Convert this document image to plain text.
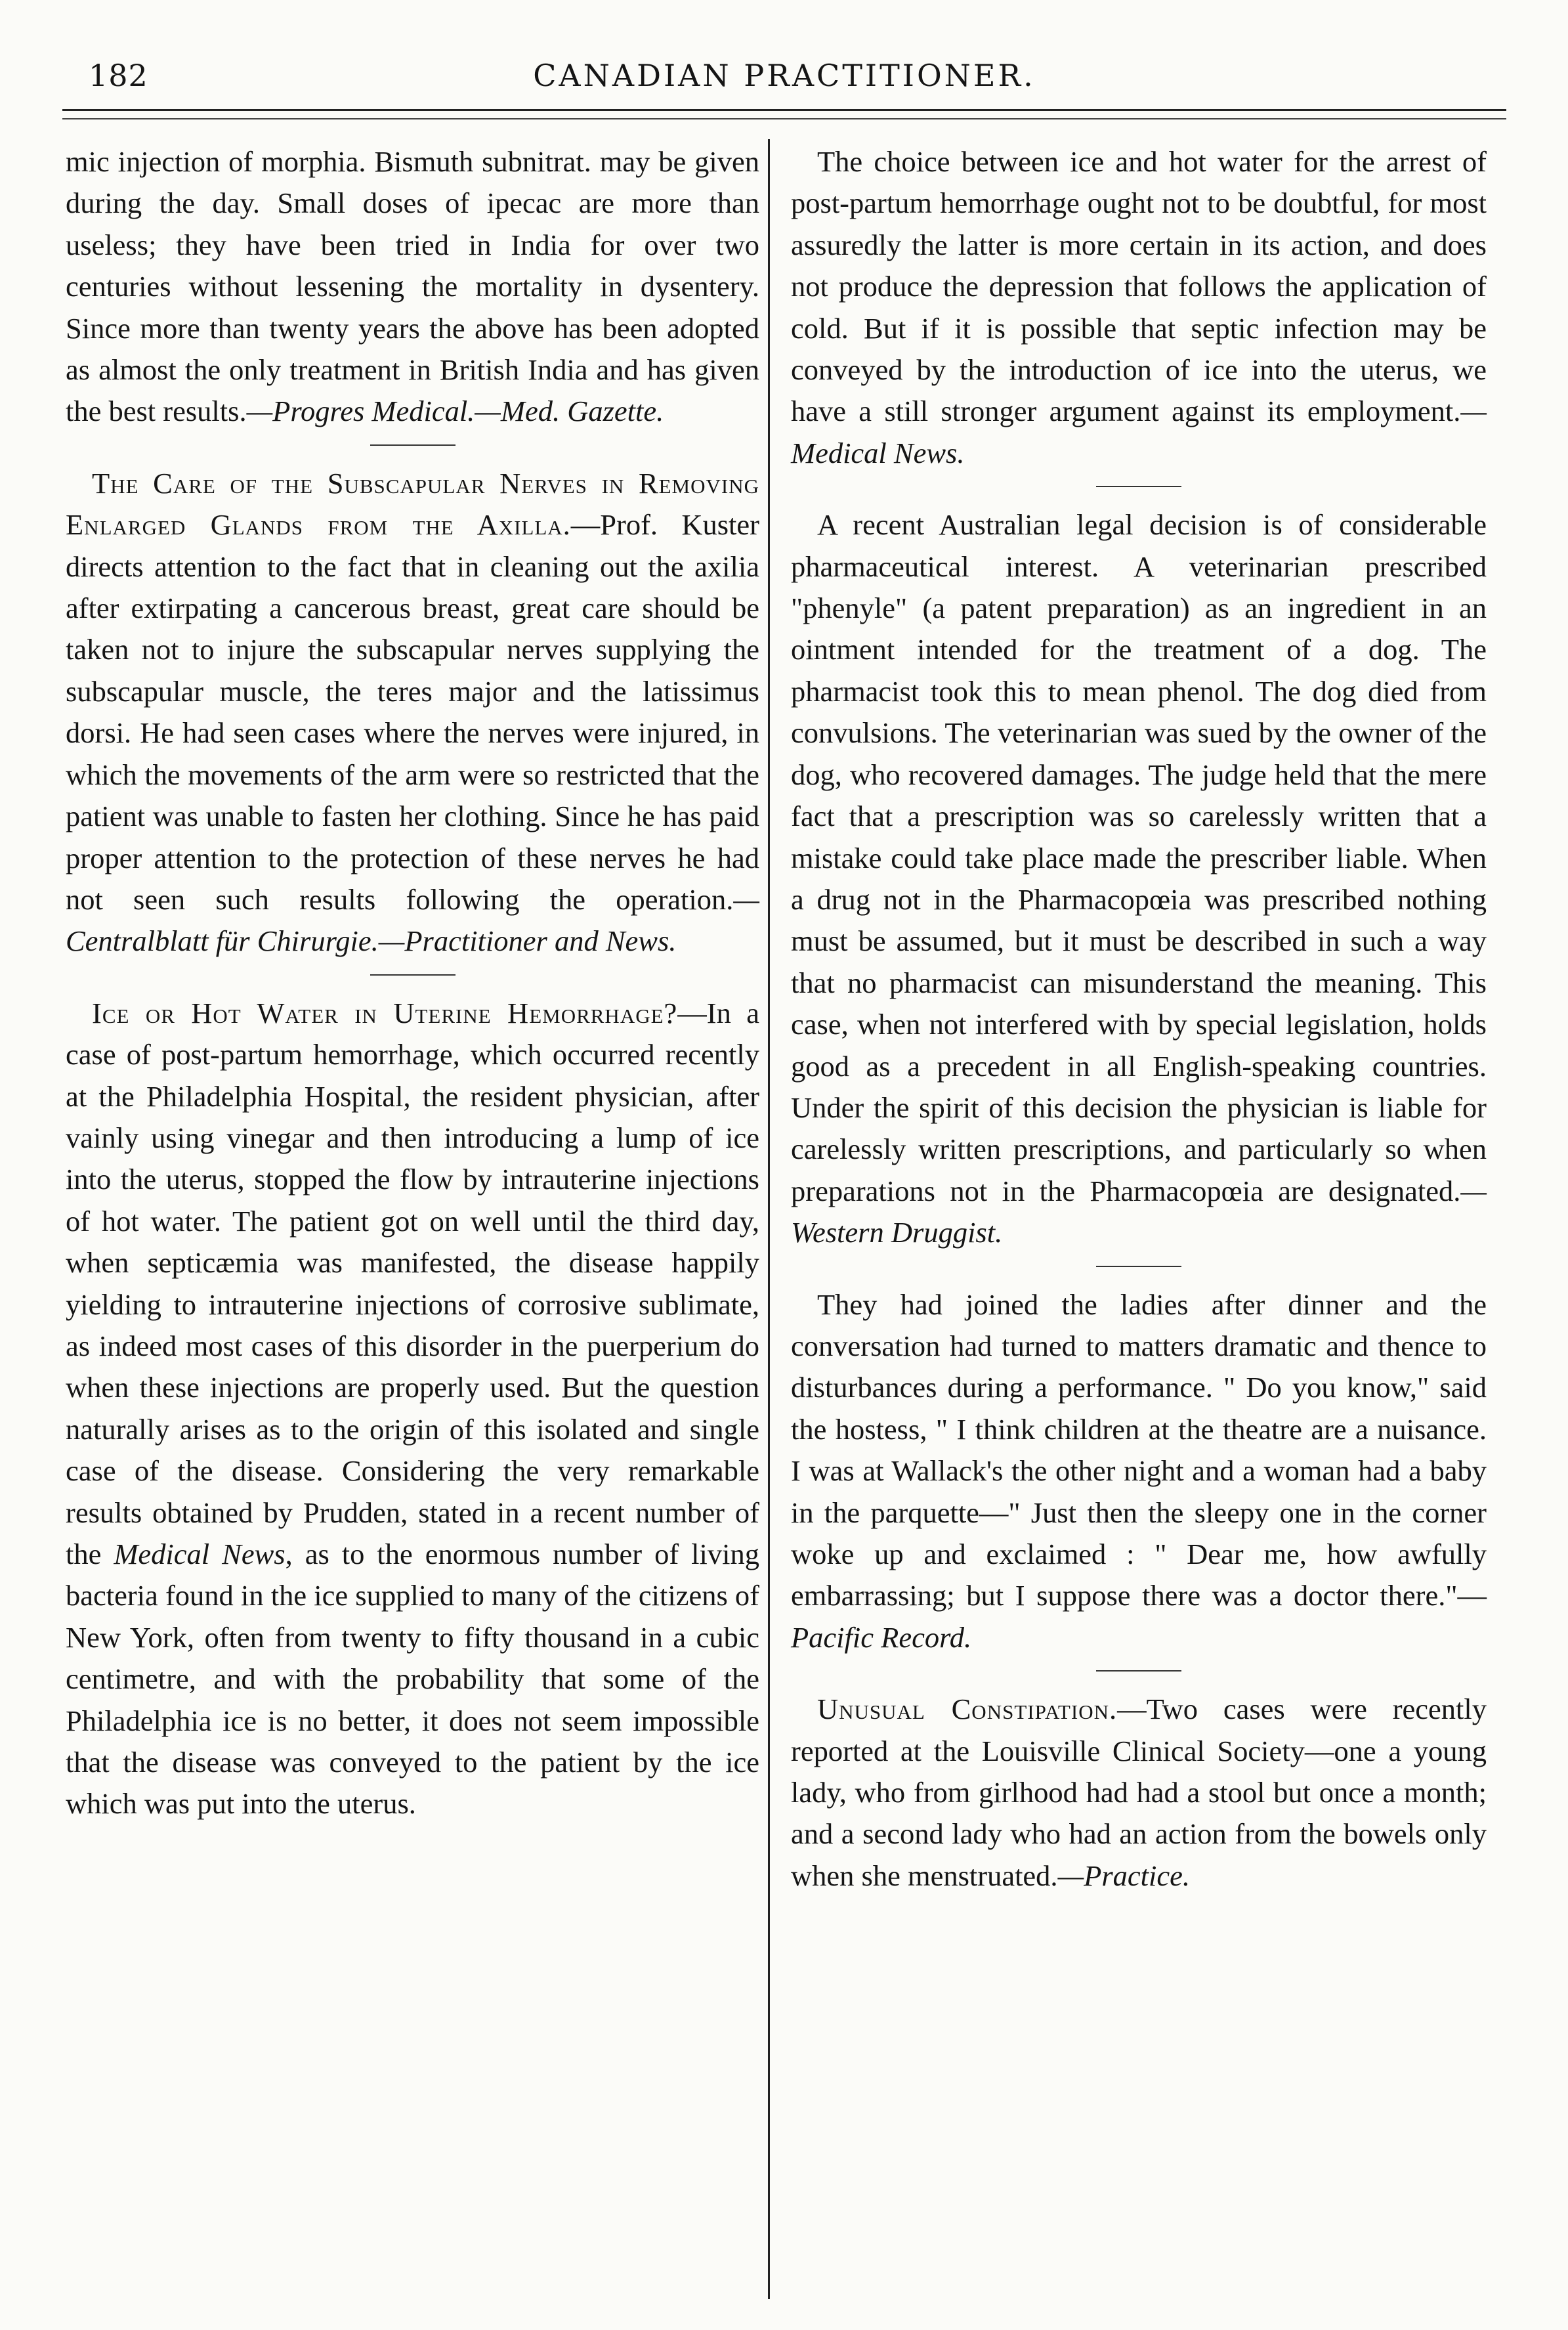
182	CANADIAN PRACTITIONER.

mic injection of morphia. Bismuth subnitrat. may be given during the day. Small doses of ipecac are more than useless; they have been tried in India for over two centuries without lessening the mortality in dysentery. Since more than twenty years the above has been adopted as almost the only treatment in British India and has given the best results.—Progres Medical.—Med. Gazette.

The Care of the Subscapular Nerves in Removing Enlarged Glands from the Axilla.—Prof. Kuster directs attention to the fact that in cleaning out the axilia after extirpating a cancerous breast, great care should be taken not to injure the subscapular nerves supplying the subscapular muscle, the teres major and the latissimus dorsi. He had seen cases where the nerves were injured, in which the movements of the arm were so restricted that the patient was unable to fasten her clothing. Since he has paid proper attention to the protection of these nerves he had not seen such results following the operation.—Centralblatt für Chirurgie.—Practitioner and News.

Ice or Hot Water in Uterine Hemorrhage?—In a case of post-partum hemorrhage, which occurred recently at the Philadelphia Hospital, the resident physician, after vainly using vinegar and then introducing a lump of ice into the uterus, stopped the flow by intrauterine injections of hot water. The patient got on well until the third day, when septicæmia was manifested, the disease happily yielding to intrauterine injections of corrosive sublimate, as indeed most cases of this disorder in the puerperium do when these injections are properly used. But the question naturally arises as to the origin of this isolated and single case of the disease. Considering the very remarkable results obtained by Prudden, stated in a recent number of the Medical News, as to the enormous number of living bacteria found in the ice supplied to many of the citizens of New York, often from twenty to fifty thousand in a cubic centimetre, and with the probability that some of the Philadelphia ice is no better, it does not seem impossible that the disease was conveyed to the patient by the ice which was put into the uterus.

The choice between ice and hot water for the arrest of post-partum hemorrhage ought not to be doubtful, for most assuredly the latter is more certain in its action, and does not produce the depression that follows the application of cold. But if it is possible that septic infection may be conveyed by the introduction of ice into the uterus, we have a still stronger argument against its employment.—Medical News.

A recent Australian legal decision is of considerable pharmaceutical interest. A veterinarian prescribed "phenyle" (a patent preparation) as an ingredient in an ointment intended for the treatment of a dog. The pharmacist took this to mean phenol. The dog died from convulsions. The veterinarian was sued by the owner of the dog, who recovered damages. The judge held that the mere fact that a prescription was so carelessly written that a mistake could take place made the prescriber liable. When a drug not in the Pharmacopœia was prescribed nothing must be assumed, but it must be described in such a way that no pharmacist can misunderstand the meaning. This case, when not interfered with by special legislation, holds good as a precedent in all English-speaking countries. Under the spirit of this decision the physician is liable for carelessly written prescriptions, and particularly so when preparations not in the Pharmacopœia are designated.— Western Druggist.

They had joined the ladies after dinner and the conversation had turned to matters dramatic and thence to disturbances during a performance. " Do you know," said the hostess, " I think children at the theatre are a nuisance. I was at Wallack's the other night and a woman had a baby in the parquette—" Just then the sleepy one in the corner woke up and exclaimed : " Dear me, how awfully embarrassing; but I suppose there was a doctor there."—Pacific Record.

Unusual Constipation.—Two cases were recently reported at the Louisville Clinical Society—one a young lady, who from girlhood had had a stool but once a month; and a second lady who had an action from the bowels only when she menstruated.—Practice.
